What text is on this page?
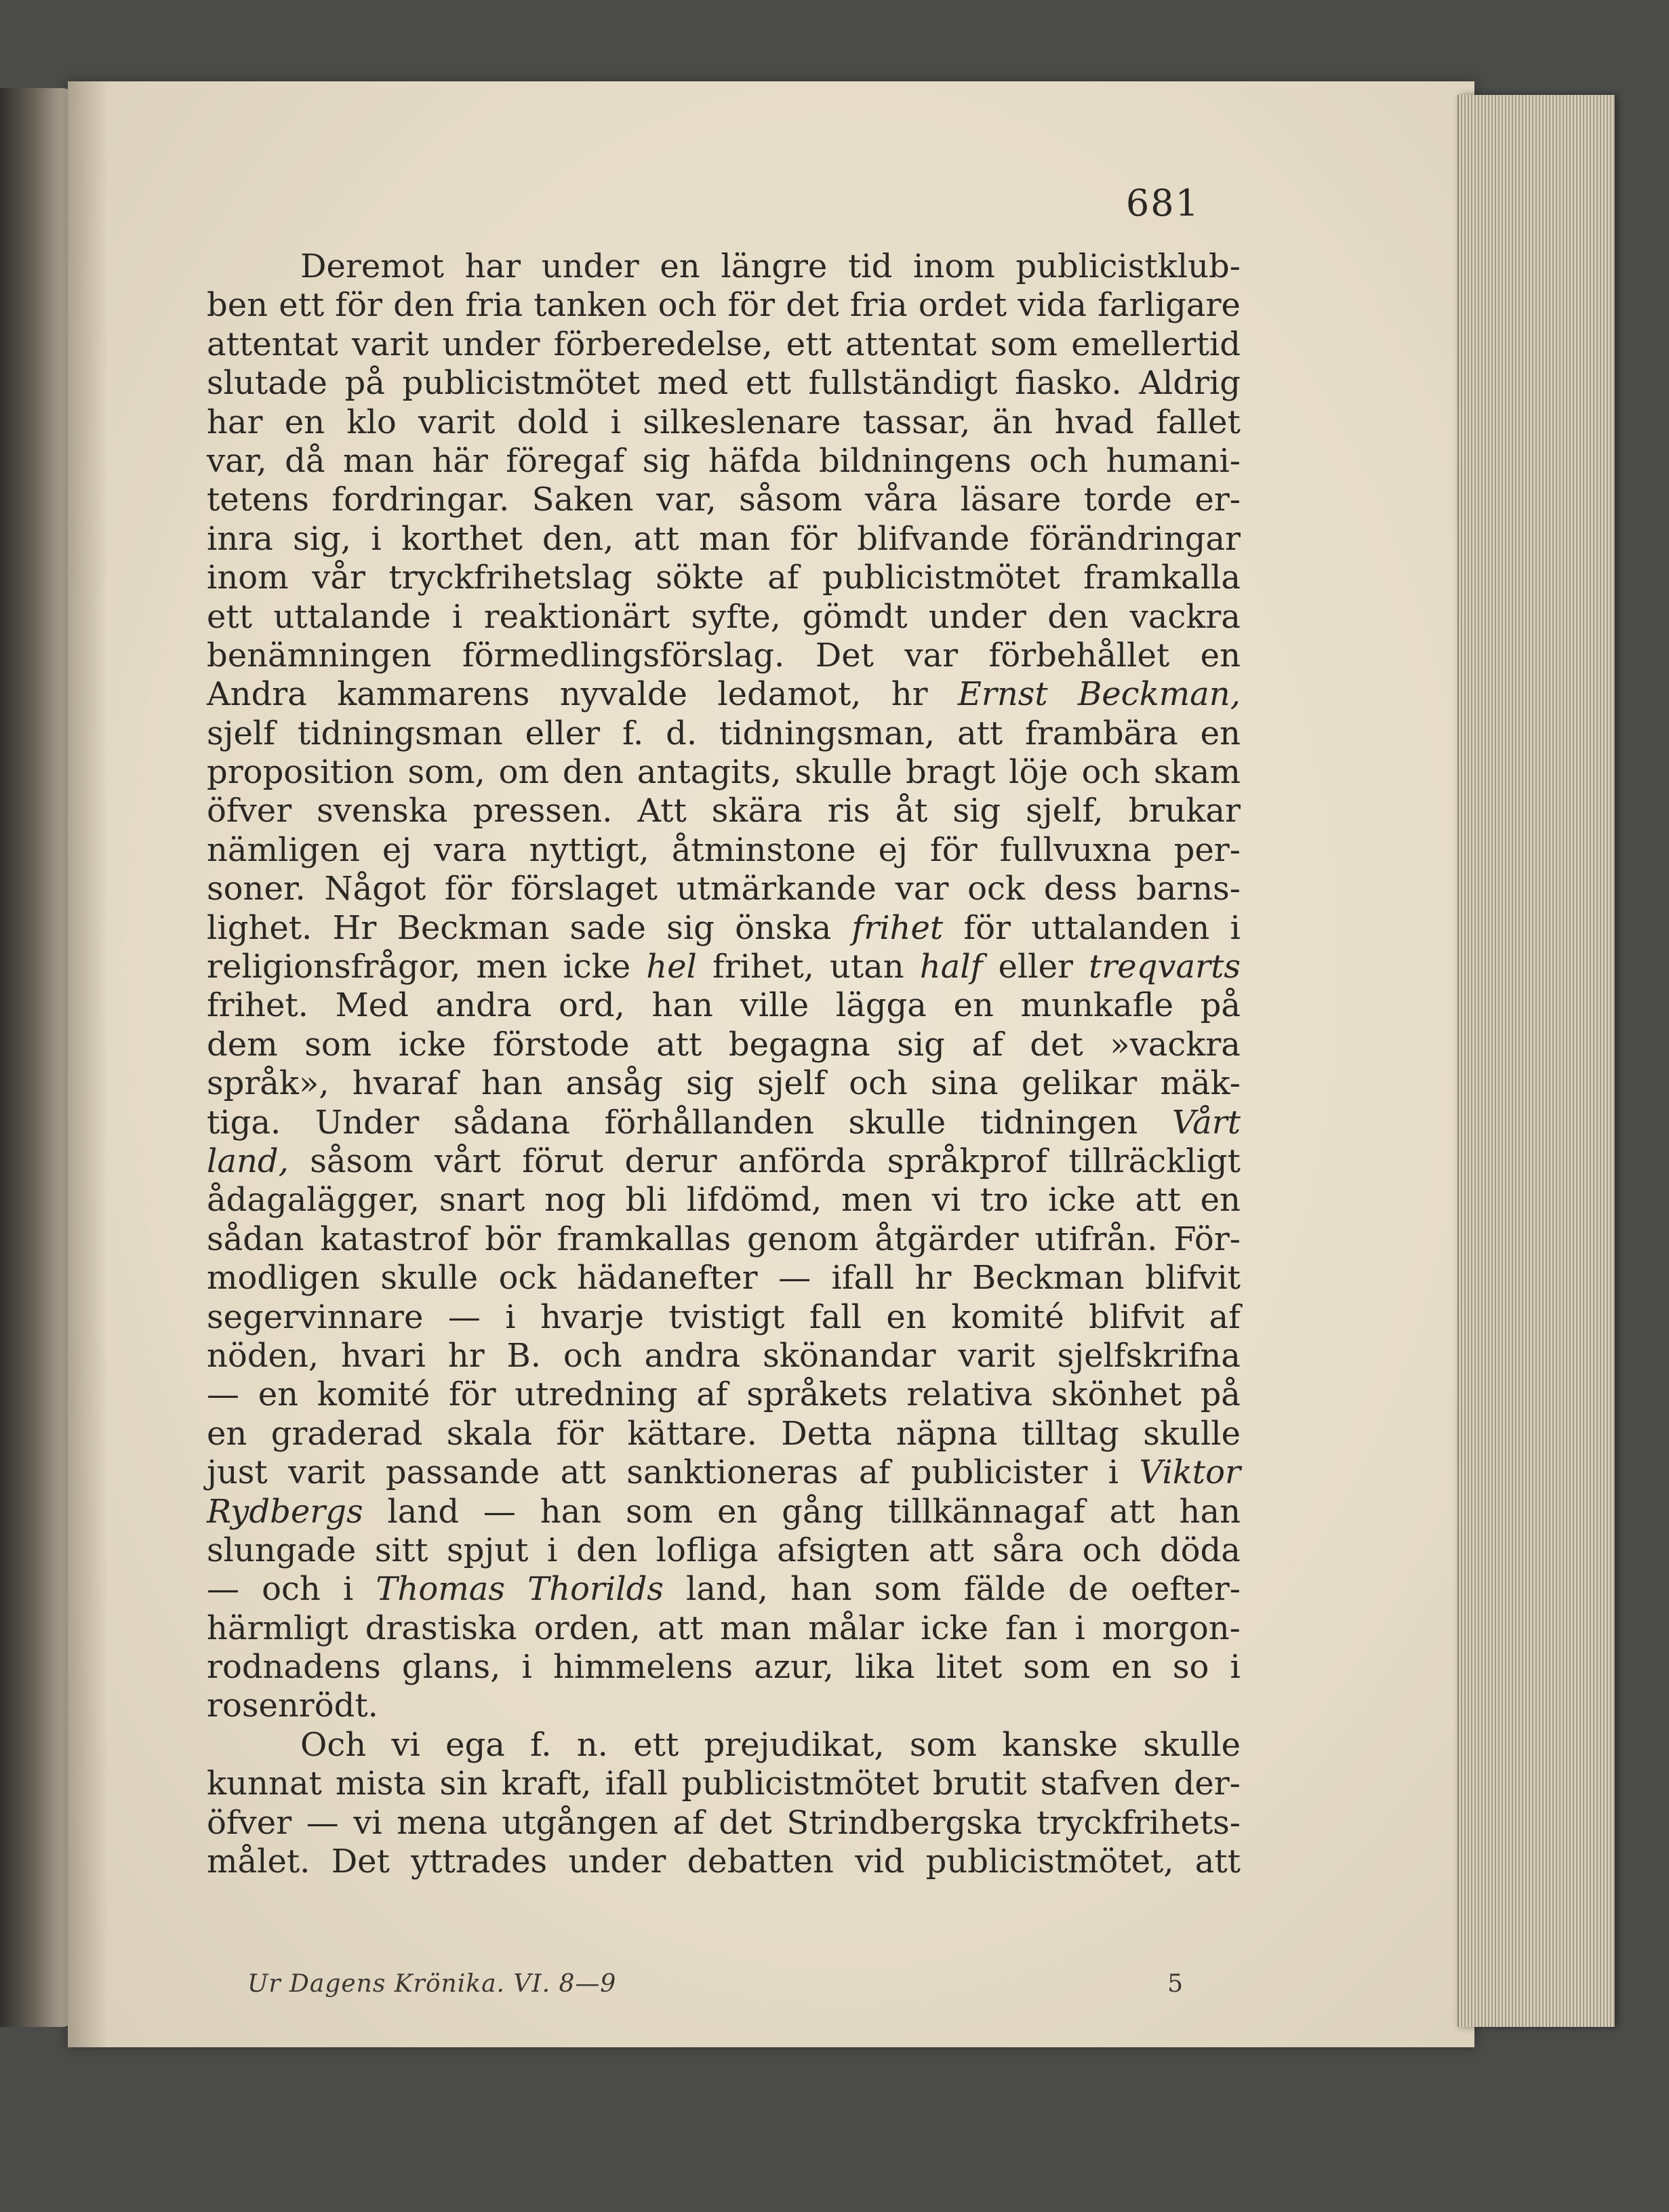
681
Deremot har under en längre tid inom publicistklub-
ben ett för den fria tanken och för det fria ordet vida farligare
attentat varit under förberedelse, ett attentat som emellertid
slutade på publicistmötet med ett fullständigt fiasko. Aldrig
har en klo varit dold i silkeslenare tassar, än hvad fallet
var, då man här föregaf sig häfda bildningens och humani-
tetens fordringar. Saken var, såsom våra läsare torde er-
inra sig, i korthet den, att man för blifvande förändringar
inom vår tryckfrihetslag sökte af publicistmötet framkalla
ett uttalande i reaktionärt syfte, gömdt under den vackra
benämningen förmedlingsförslag. Det var förbehållet en
Andra kammarens nyvalde ledamot, hr Ernst Beckman,
sjelf tidningsman eller f. d. tidningsman, att frambära en
proposition som, om den antagits, skulle bragt löje och skam
öfver svenska pressen. Att skära ris åt sig sjelf, brukar
nämligen ej vara nyttigt, åtminstone ej för fullvuxna per-
soner. Något för förslaget utmärkande var ock dess barns-
lighet. Hr Beckman sade sig önska frihet för uttalanden i
religionsfrågor, men icke hel frihet, utan half eller treqvarts
frihet. Med andra ord, han ville lägga en munkafle på
dem som icke förstode att begagna sig af det »vackra
språk», hvaraf han ansåg sig sjelf och sina gelikar mäk-
tiga. Under sådana förhållanden skulle tidningen Vårt
land, såsom vårt förut derur anförda språkprof tillräckligt
ådagalägger, snart nog bli lifdömd, men vi tro icke att en
sådan katastrof bör framkallas genom åtgärder utifrån. För-
modligen skulle ock hädanefter — ifall hr Beckman blifvit
segervinnare — i hvarje tvistigt fall en komité blifvit af
nöden, hvari hr B. och andra skönandar varit sjelfskrifna
— en komité för utredning af språkets relativa skönhet på
en graderad skala för kättare. Detta näpna tilltag skulle
just varit passande att sanktioneras af publicister i Viktor
Rydbergs land — han som en gång tillkännagaf att han
slungade sitt spjut i den lofliga afsigten att såra och döda
— och i Thomas Thorilds land, han som fälde de oefter-
härmligt drastiska orden, att man målar icke fan i morgon-
rodnadens glans, i himmelens azur, lika litet som en so i
rosenrödt.
Och vi ega f. n. ett prejudikat, som kanske skulle
kunnat mista sin kraft, ifall publicistmötet brutit stafven der-
öfver — vi mena utgången af det Strindbergska tryckfrihets-
målet. Det yttrades under debatten vid publicistmötet, att
Ur Dagens Krönika. VI. 8—9	5
